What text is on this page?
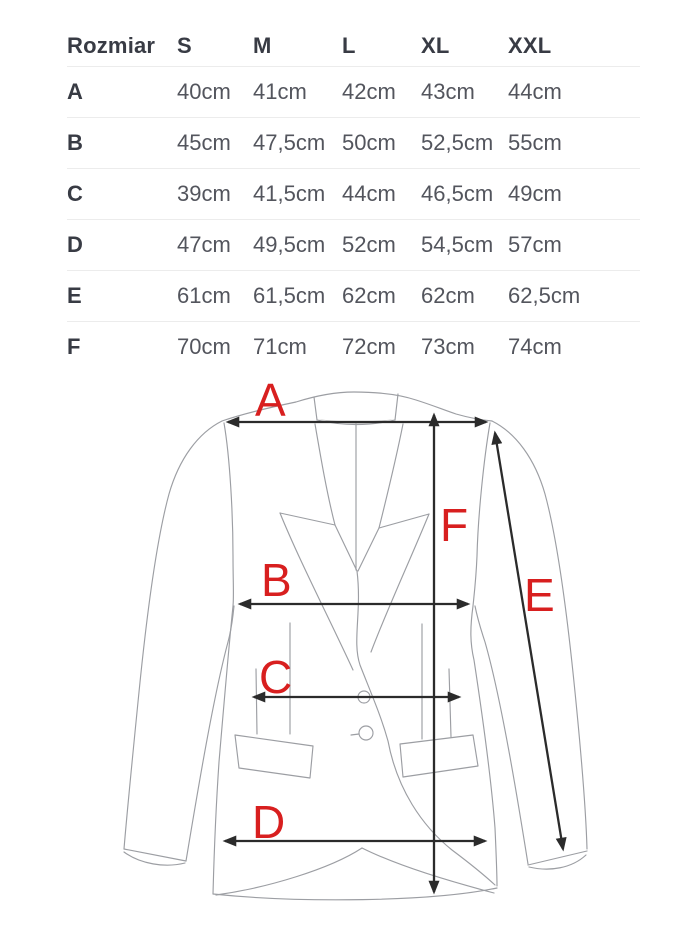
Rozmiar S	M	L	XL	XXL
A	40cm	41cm	42cm	43cm	44cm
B	45cm	47,5cm 50cm	52,5cm 55cm
C	39cm	41,5cm 44cm	46,5cm 49cm
D	47cm	49,5cm 52cm	54,5cm 57cm
E	61cm	61,5cm 62cm	62cm	62,5cm
F	70cm	71cm	72cm	73cm	74cm
A
B
C
D
E
F
